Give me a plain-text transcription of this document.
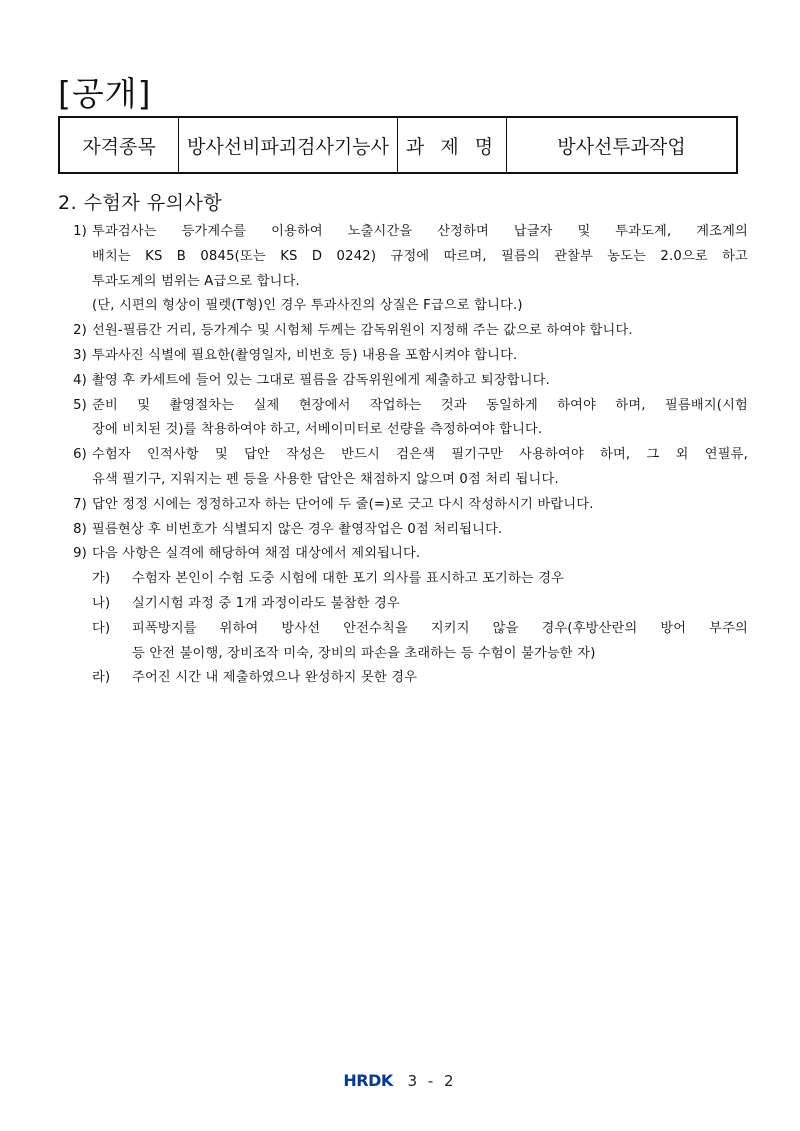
[공개]
자격종목	방사선비파괴검사기능사	과 제 명	방사선투과작업
2. 수험자 유의사항
1) 투과검사는 등가계수를 이용하여 노출시간을 산정하며 납글자 및 투과도계, 계조계의
배치는 KS B 0845(또는 KS D 0242) 규정에 따르며, 필름의 관찰부 농도는 2.0으로 하고
투과도계의 범위는 A급으로 합니다.
(단, 시편의 형상이 필렛(T형)인 경우 투과사진의 상질은 F급으로 합니다.)
2) 선원-필름간 거리, 등가계수 및 시험체 두께는 감독위원이 지정해 주는 값으로 하여야 합니다.
3) 투과사진 식별에 필요한(촬영일자, 비번호 등) 내용을 포함시켜야 합니다.
4) 촬영 후 카세트에 들어 있는 그대로 필름을 감독위원에게 제출하고 퇴장합니다.
5) 준비 및 촬영절차는 실제 현장에서 작업하는 것과 동일하게 하여야 하며, 필름배지(시험
장에 비치된 것)를 착용하여야 하고, 서베이미터로 선량을 측정하여야 합니다.
6) 수험자 인적사항 및 답안 작성은 반드시 검은색 필기구만 사용하여야 하며, 그 외 연필류,
유색 필기구, 지워지는 펜 등을 사용한 답안은 채점하지 않으며 0점 처리 됩니다.
7) 답안 정정 시에는 정정하고자 하는 단어에 두 줄(=)로 긋고 다시 작성하시기 바랍니다.
8) 필름현상 후 비번호가 식별되지 않은 경우 촬영작업은 0점 처리됩니다.
9) 다음 사항은 실격에 해당하여 채점 대상에서 제외됩니다.
가)	수험자 본인이 수험 도중 시험에 대한 포기 의사를 표시하고 포기하는 경우
나)	실기시험 과정 중 1개 과정이라도 불참한 경우
다)	피폭방지를 위하여 방사선 안전수칙을 지키지 않을 경우(후방산란의 방어 부주의
등 안전 불이행, 장비조작 미숙, 장비의 파손을 초래하는 등 수험이 불가능한 자)
라)	주어진 시간 내 제출하였으나 완성하지 못한 경우
HRDK 3 - 2
